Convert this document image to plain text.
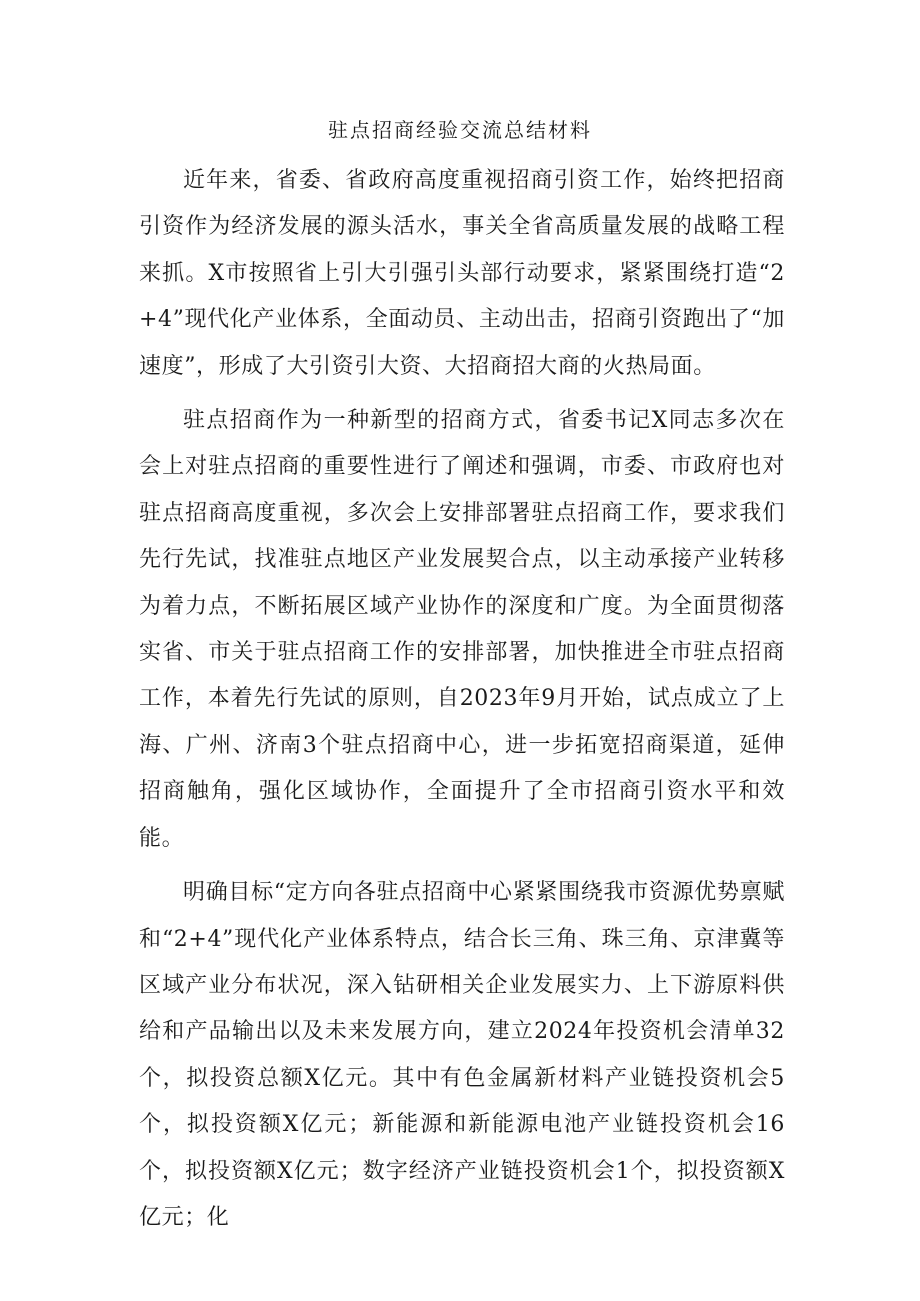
驻点招商经验交流总结材料

近年来，省委、省政府高度重视招商引资工作，始终把招商引资作为经济发展的源头活水，事关全省高质量发展的战略工程来抓。X市按照省上引大引强引头部行动要求，紧紧围绕打造“2+4”现代化产业体系，全面动员、主动出击，招商引资跑出了“加速度”，形成了大引资引大资、大招商招大商的火热局面。

驻点招商作为一种新型的招商方式，省委书记X同志多次在会上对驻点招商的重要性进行了阐述和强调，市委、市政府也对驻点招商高度重视，多次会上安排部署驻点招商工作，要求我们先行先试，找准驻点地区产业发展契合点，以主动承接产业转移为着力点，不断拓展区域产业协作的深度和广度。为全面贯彻落实省、市关于驻点招商工作的安排部署，加快推进全市驻点招商工作，本着先行先试的原则，自2023年9月开始，试点成立了上海、广州、济南3个驻点招商中心，进一步拓宽招商渠道，延伸招商触角，强化区域协作，全面提升了全市招商引资水平和效能。

明确目标“定方向各驻点招商中心紧紧围绕我市资源优势禀赋和“2+4”现代化产业体系特点，结合长三角、珠三角、京津冀等区域产业分布状况，深入钻研相关企业发展实力、上下游原料供给和产品输出以及未来发展方向，建立2024年投资机会清单32个，拟投资总额X亿元。其中有色金属新材料产业链投资机会5个，拟投资额X亿元；新能源和新能源电池产业链投资机会16个，拟投资额X亿元；数字经济产业链投资机会1个，拟投资额X亿元；化
